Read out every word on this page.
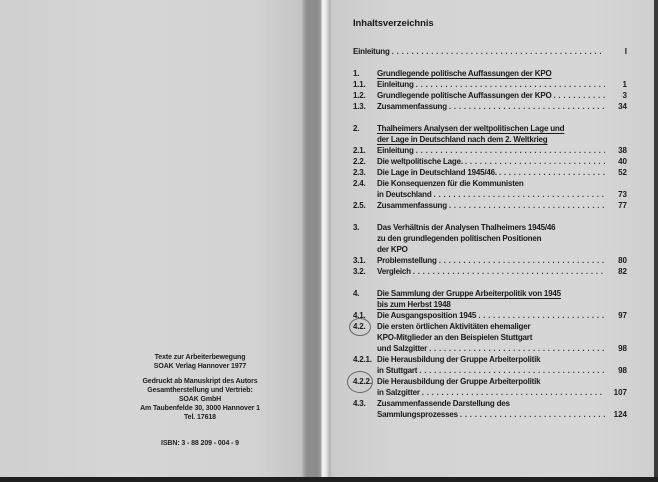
Texte zur Arbeiterbewegung
SOAK Verlag Hannover 1977
Gedruckt ab Manuskript des Autors
Gesamtherstellung und Vertrieb:
SOAK GmbH
Am Taubenfelde 30, 3000 Hannover 1
Tel. 17618
ISBN: 3 - 88 209 - 004 - 9
Inhaltsverzeichnis
Einleitung . . .	I
1.	Grundlegende politische Auffassungen der KPO
1.1.	Einleitung . . .	1
1.2.	Grundlegende politische Auffassungen der KPO . . .	3
1.3.	Zusammenfassung . . .	34
2.	Thalheimers Analysen der weltpolitischen Lage und
der Lage in Deutschland nach dem 2. Weltkrieg
2.1.	Einleitung . . .	38
2.2.	Die weltpolitische Lage. . . .	40
2.3.	Die Lage in Deutschland 1945/46. . . .	52
2.4.	Die Konsequenzen für die Kommunisten
in Deutschland . . .	73
2.5.	Zusammenfassung . . .	77
3.	Das Verhältnis der Analysen Thalheimers 1945/46
zu den grundlegenden politischen Positionen
der KPO
3.1.	Problemstellung . . .	80
3.2.	Vergleich . . .	82
4.	Die Sammlung der Gruppe Arbeiterpolitik von 1945
bis zum Herbst 1948
4.1.	Die Ausgangsposition 1945 . . .	97
4.2.	Die ersten örtlichen Aktivitäten ehemaliger
KPO-Mitglieder an den Beispielen Stuttgart
und Salzgitter . . .	98
4.2.1. Die Herausbildung der Gruppe Arbeiterpolitik
in Stuttgart . . .	98
4.2.2. Die Herausbildung der Gruppe Arbeiterpolitik
in Salzgitter . . .	107
4.3.	Zusammenfassende Darstellung des
Sammlungsprozesses . . .	124
